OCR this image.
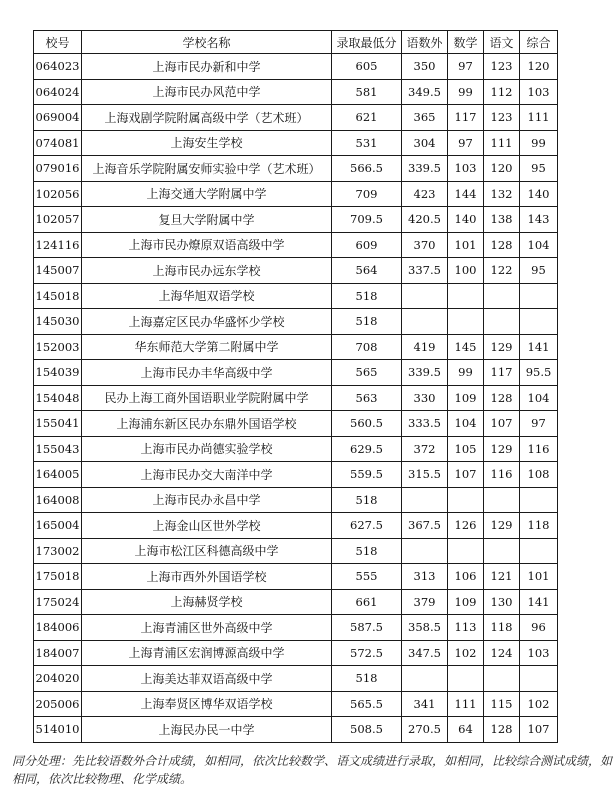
校号	学校名称	录取最低分	语数外	数学	语文	综合
064023	上海市民办新和中学	605	350	97	123	120
064024	上海市民办风范中学	581	349.5	99	112	103
069004	上海戏剧学院附属高级中学（艺术班）	621	365	117	123	111
074081	上海安生学校	531	304	97	111	99
079016	上海音乐学院附属安师实验中学（艺术班）	566.5	339.5	103	120	95
102056	上海交通大学附属中学	709	423	144	132	140
102057	复旦大学附属中学	709.5	420.5	140	138	143
124116	上海市民办燎原双语高级中学	609	370	101	128	104
145007	上海市民办远东学校	564	337.5	100	122	95
145018	上海华旭双语学校	518				
145030	上海嘉定区民办华盛怀少学校	518				
152003	华东师范大学第二附属中学	708	419	145	129	141
154039	上海市民办丰华高级中学	565	339.5	99	117	95.5
154048	民办上海工商外国语职业学院附属中学	563	330	109	128	104
155041	上海浦东新区民办东鼎外国语学校	560.5	333.5	104	107	97
155043	上海市民办尚德实验学校	629.5	372	105	129	116
164005	上海市民办交大南洋中学	559.5	315.5	107	116	108
164008	上海市民办永昌中学	518				
165004	上海金山区世外学校	627.5	367.5	126	129	118
173002	上海市松江区科德高级中学	518				
175018	上海市西外外国语学校	555	313	106	121	101
175024	上海赫贤学校	661	379	109	130	141
184006	上海青浦区世外高级中学	587.5	358.5	113	118	96
184007	上海青浦区宏润博源高级中学	572.5	347.5	102	124	103
204020	上海美达菲双语高级中学	518				
205006	上海奉贤区博华双语学校	565.5	341	111	115	102
514010	上海民办民一中学	508.5	270.5	64	128	107
同分处理：先比较语数外合计成绩，如相同，依次比较数学、语文成绩进行录取，如相同，比较综合测试成绩，如相同，依次比较物理、化学成绩。
